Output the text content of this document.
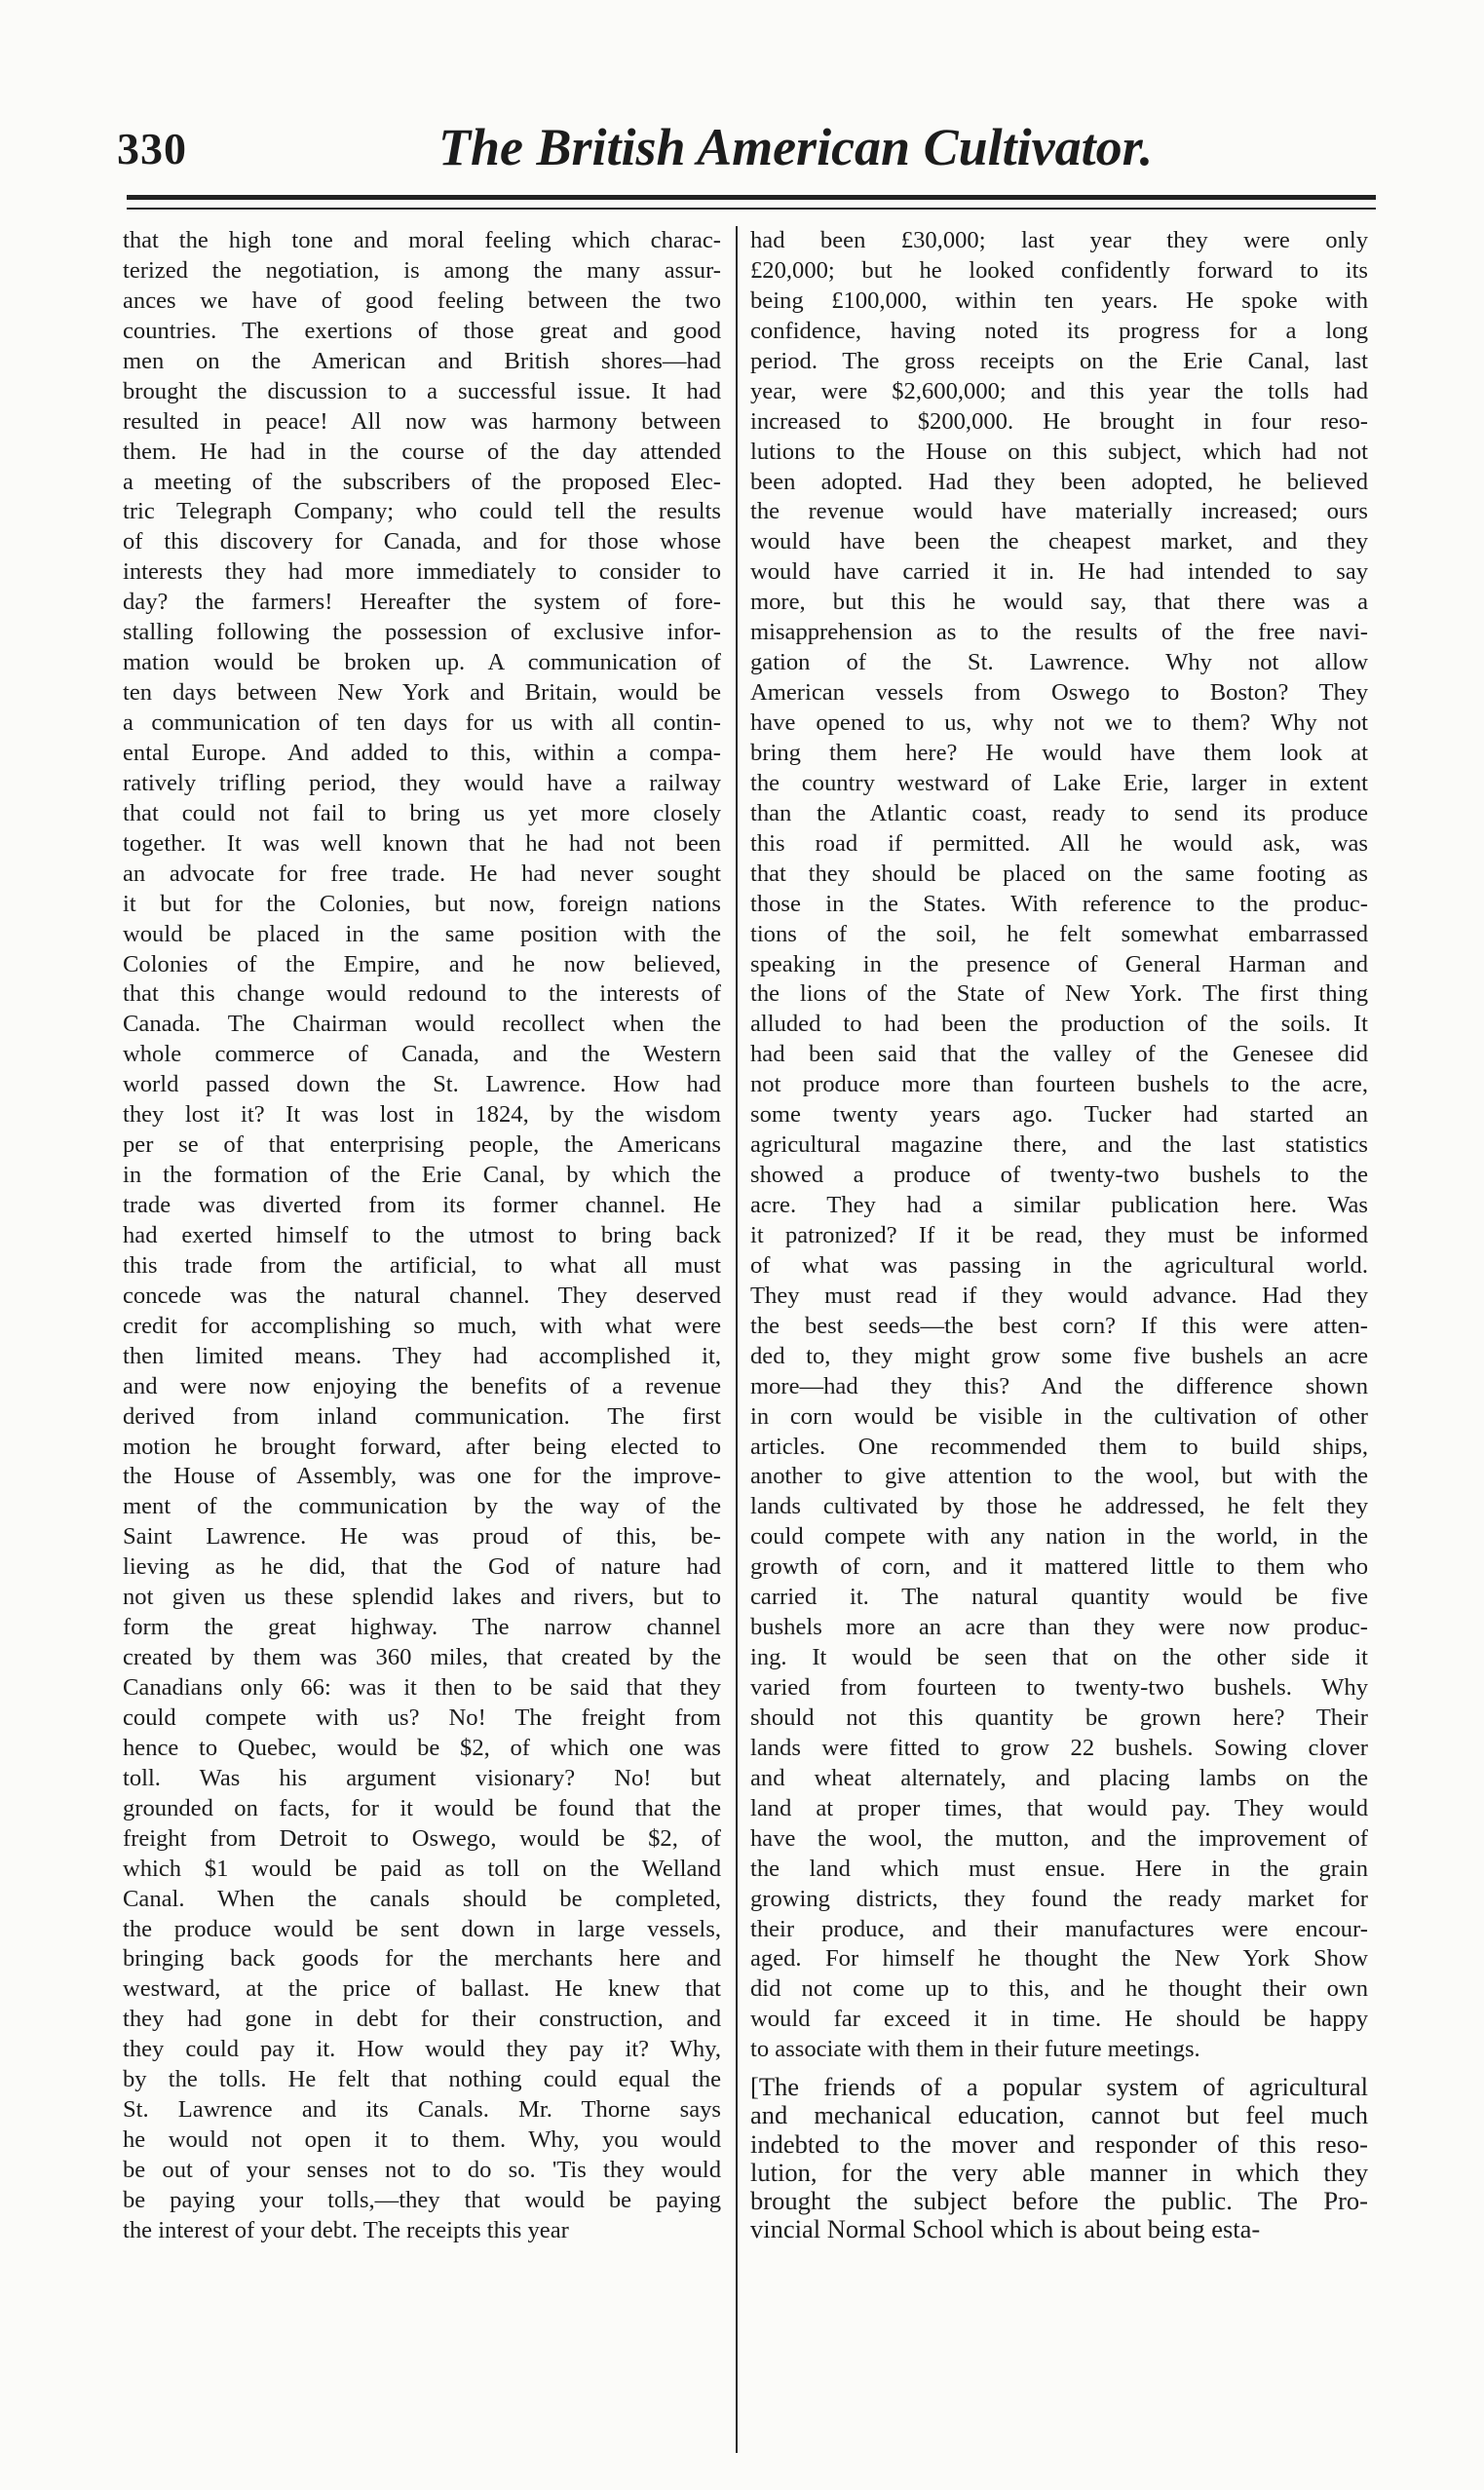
330	The British American Cultivator.
that the high tone and moral feeling which charac-
terized the negotiation, is among the many assur-
ances we have of good feeling between the two
countries. The exertions of those great and good
men on the American and British shores—had
brought the discussion to a successful issue. It had
resulted in peace! All now was harmony between
them. He had in the course of the day attended
a meeting of the subscribers of the proposed Elec-
tric Telegraph Company; who could tell the results
of this discovery for Canada, and for those whose
interests they had more immediately to consider to
day? the farmers! Hereafter the system of fore-
stalling following the possession of exclusive infor-
mation would be broken up. A communication of
ten days between New York and Britain, would be
a communication of ten days for us with all contin-
ental Europe. And added to this, within a compa-
ratively trifling period, they would have a railway
that could not fail to bring us yet more closely
together. It was well known that he had not been
an advocate for free trade. He had never sought
it but for the Colonies, but now, foreign nations
would be placed in the same position with the
Colonies of the Empire, and he now believed,
that this change would redound to the interests of
Canada. The Chairman would recollect when the
whole commerce of Canada, and the Western
world passed down the St. Lawrence. How had
they lost it? It was lost in 1824, by the wisdom
per se of that enterprising people, the Americans
in the formation of the Erie Canal, by which the
trade was diverted from its former channel. He
had exerted himself to the utmost to bring back
this trade from the artificial, to what all must
concede was the natural channel. They deserved
credit for accomplishing so much, with what were
then limited means. They had accomplished it,
and were now enjoying the benefits of a revenue
derived from inland communication. The first
motion he brought forward, after being elected to
the House of Assembly, was one for the improve-
ment of the communication by the way of the
Saint Lawrence. He was proud of this, be-
lieving as he did, that the God of nature had
not given us these splendid lakes and rivers, but to
form the great highway. The narrow channel
created by them was 360 miles, that created by the
Canadians only 66: was it then to be said that they
could compete with us? No! The freight from
hence to Quebec, would be $2, of which one was
toll. Was his argument visionary? No! but
grounded on facts, for it would be found that the
freight from Detroit to Oswego, would be $2, of
which $1 would be paid as toll on the Welland
Canal. When the canals should be completed,
the produce would be sent down in large vessels,
bringing back goods for the merchants here and
westward, at the price of ballast. He knew that
they had gone in debt for their construction, and
they could pay it. How would they pay it? Why,
by the tolls. He felt that nothing could equal the
St. Lawrence and its Canals. Mr. Thorne says
he would not open it to them. Why, you would
be out of your senses not to do so. 'Tis they would
be paying your tolls,—they that would be paying
the interest of your debt. The receipts this year
had been £30,000; last year they were only
£20,000; but he looked confidently forward to its
being £100,000, within ten years. He spoke with
confidence, having noted its progress for a long
period. The gross receipts on the Erie Canal, last
year, were $2,600,000; and this year the tolls had
increased to $200,000. He brought in four reso-
lutions to the House on this subject, which had not
been adopted. Had they been adopted, he believed
the revenue would have materially increased; ours
would have been the cheapest market, and they
would have carried it in. He had intended to say
more, but this he would say, that there was a
misapprehension as to the results of the free navi-
gation of the St. Lawrence. Why not allow
American vessels from Oswego to Boston? They
have opened to us, why not we to them? Why not
bring them here? He would have them look at
the country westward of Lake Erie, larger in extent
than the Atlantic coast, ready to send its produce
this road if permitted. All he would ask, was
that they should be placed on the same footing as
those in the States. With reference to the produc-
tions of the soil, he felt somewhat embarrassed
speaking in the presence of General Harman and
the lions of the State of New York. The first thing
alluded to had been the production of the soils. It
had been said that the valley of the Genesee did
not produce more than fourteen bushels to the acre,
some twenty years ago. Tucker had started an
agricultural magazine there, and the last statistics
showed a produce of twenty-two bushels to the
acre. They had a similar publication here. Was
it patronized? If it be read, they must be informed
of what was passing in the agricultural world.
They must read if they would advance. Had they
the best seeds—the best corn? If this were atten-
ded to, they might grow some five bushels an acre
more—had they this? And the difference shown
in corn would be visible in the cultivation of other
articles. One recommended them to build ships,
another to give attention to the wool, but with the
lands cultivated by those he addressed, he felt they
could compete with any nation in the world, in the
growth of corn, and it mattered little to them who
carried it. The natural quantity would be five
bushels more an acre than they were now produc-
ing. It would be seen that on the other side it
varied from fourteen to twenty-two bushels. Why
should not this quantity be grown here? Their
lands were fitted to grow 22 bushels. Sowing clover
and wheat alternately, and placing lambs on the
land at proper times, that would pay. They would
have the wool, the mutton, and the improvement of
the land which must ensue. Here in the grain
growing districts, they found the ready market for
their produce, and their manufactures were encour-
aged. For himself he thought the New York Show
did not come up to this, and he thought their own
would far exceed it in time. He should be happy
to associate with them in their future meetings.
[The friends of a popular system of agricultural
and mechanical education, cannot but feel much
indebted to the mover and responder of this reso-
lution, for the very able manner in which they
brought the subject before the public. The Pro-
vincial Normal School which is about being esta-
